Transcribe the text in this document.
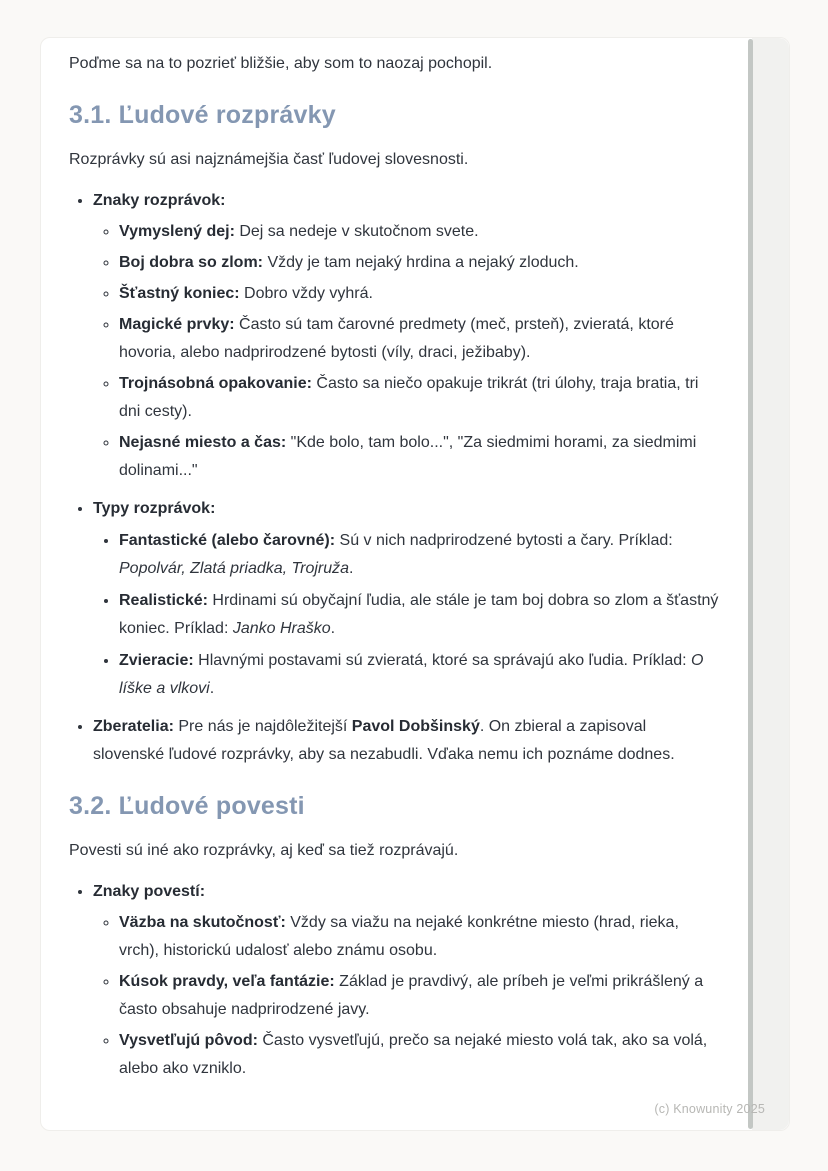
Poďme sa na to pozrieť bližšie, aby som to naozaj pochopil.

3.1. Ľudové rozprávky

Rozprávky sú asi najznámejšia časť ľudovej slovesnosti.

• Znaky rozprávok:
◦ Vymyslený dej: Dej sa nedeje v skutočnom svete.
◦ Boj dobra so zlom: Vždy je tam nejaký hrdina a nejaký zloduch.
◦ Šťastný koniec: Dobro vždy vyhrá.
◦ Magické prvky: Často sú tam čarovné predmety (meč, prsteň), zvieratá, ktoré hovoria, alebo nadprirodzené bytosti (víly, draci, ježibaby).
◦ Trojnásobná opakovanie: Často sa niečo opakuje trikrát (tri úlohy, traja bratia, tri dni cesty).
◦ Nejasné miesto a čas: "Kde bolo, tam bolo...", "Za siedmimi horami, za siedmimi dolinami..."
• Typy rozprávok:
• Fantastické (alebo čarovné): Sú v nich nadprirodzené bytosti a čary. Príklad: Popolvár, Zlatá priadka, Trojruža.
• Realistické: Hrdinami sú obyčajní ľudia, ale stále je tam boj dobra so zlom a šťastný koniec. Príklad: Janko Hraško.
• Zvieracie: Hlavnými postavami sú zvieratá, ktoré sa správajú ako ľudia. Príklad: O líške a vlkovi.
• Zberatelia: Pre nás je najdôležitejší Pavol Dobšinský. On zbieral a zapisoval slovenské ľudové rozprávky, aby sa nezabudli. Vďaka nemu ich poznáme dodnes.
3.2. Ľudové povesti

Povesti sú iné ako rozprávky, aj keď sa tiež rozprávajú.

• Znaky povestí:
◦ Väzba na skutočnosť: Vždy sa viažu na nejaké konkrétne miesto (hrad, rieka, vrch), historickú udalosť alebo známu osobu.
◦ Kúsok pravdy, veľa fantázie: Základ je pravdivý, ale príbeh je veľmi prikrášlený a často obsahuje nadprirodzené javy.
◦ Vysvetľujú pôvod: Často vysvetľujú, prečo sa nejaké miesto volá tak, ako sa volá, alebo ako vzniklo.
(c) Knowunity 2025
